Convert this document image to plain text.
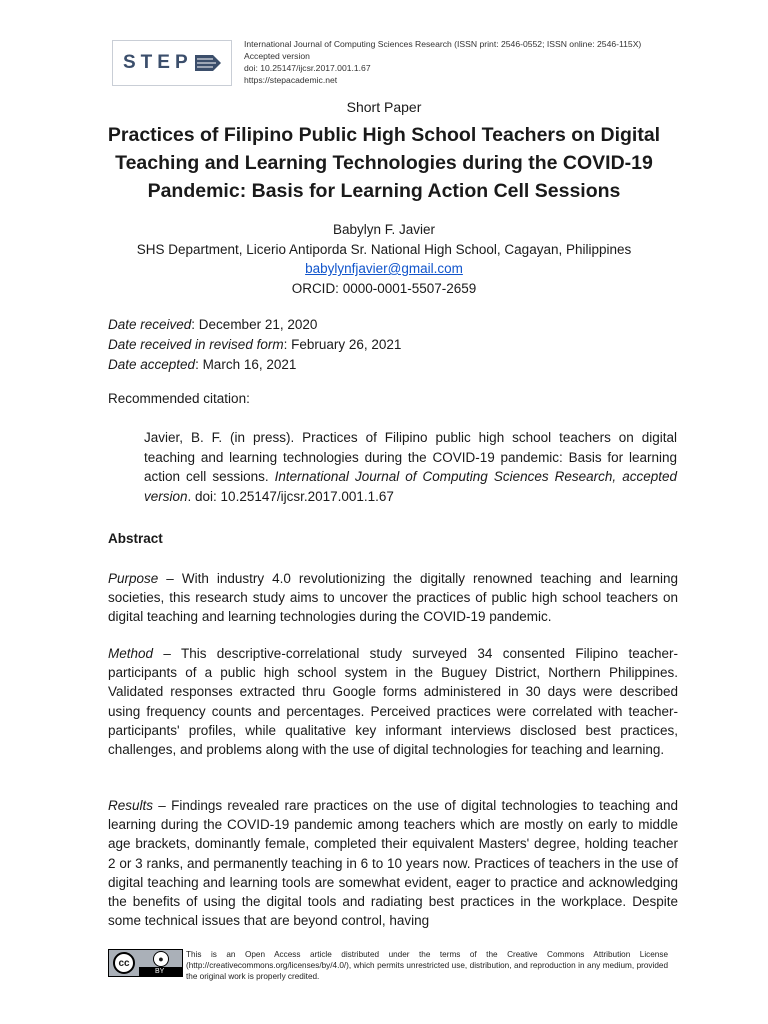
STEP
International Journal of Computing Sciences Research (ISSN print: 2546-0552; ISSN online: 2546-115X)
Accepted version
doi: 10.25147/ijcsr.2017.001.1.67
https://stepacademic.net
Short Paper
Practices of Filipino Public High School Teachers on Digital Teaching and Learning Technologies during the COVID-19 Pandemic: Basis for Learning Action Cell Sessions
Babylyn F. Javier
SHS Department, Licerio Antiporda Sr. National High School, Cagayan, Philippines
babylynfjavier@gmail.com
ORCID: 0000-0001-5507-2659
Date received: December 21, 2020
Date received in revised form: February 26, 2021
Date accepted: March 16, 2021
Recommended citation:
Javier, B. F. (in press). Practices of Filipino public high school teachers on digital teaching and learning technologies during the COVID-19 pandemic: Basis for learning action cell sessions. International Journal of Computing Sciences Research, accepted version. doi: 10.25147/ijcsr.2017.001.1.67
Abstract
Purpose – With industry 4.0 revolutionizing the digitally renowned teaching and learning societies, this research study aims to uncover the practices of public high school teachers on digital teaching and learning technologies during the COVID-19 pandemic.
Method – This descriptive-correlational study surveyed 34 consented Filipino teacher-participants of a public high school system in the Buguey District, Northern Philippines. Validated responses extracted thru Google forms administered in 30 days were described using frequency counts and percentages. Perceived practices were correlated with teacher-participants' profiles, while qualitative key informant interviews disclosed best practices, challenges, and problems along with the use of digital technologies for teaching and learning.
Results – Findings revealed rare practices on the use of digital technologies to teaching and learning during the COVID-19 pandemic among teachers which are mostly on early to middle age brackets, dominantly female, completed their equivalent Masters' degree, holding teacher 2 or 3 ranks, and permanently teaching in 6 to 10 years now. Practices of teachers in the use of digital teaching and learning tools are somewhat evident, eager to practice and acknowledging the benefits of using the digital tools and radiating best practices in the workplace. Despite some technical issues that are beyond control, having
cc	●
BY
This is an Open Access article distributed under the terms of the Creative Commons Attribution License (http://creativecommons.org/licenses/by/4.0/), which permits unrestricted use, distribution, and reproduction in any medium, provided the original work is properly credited.
